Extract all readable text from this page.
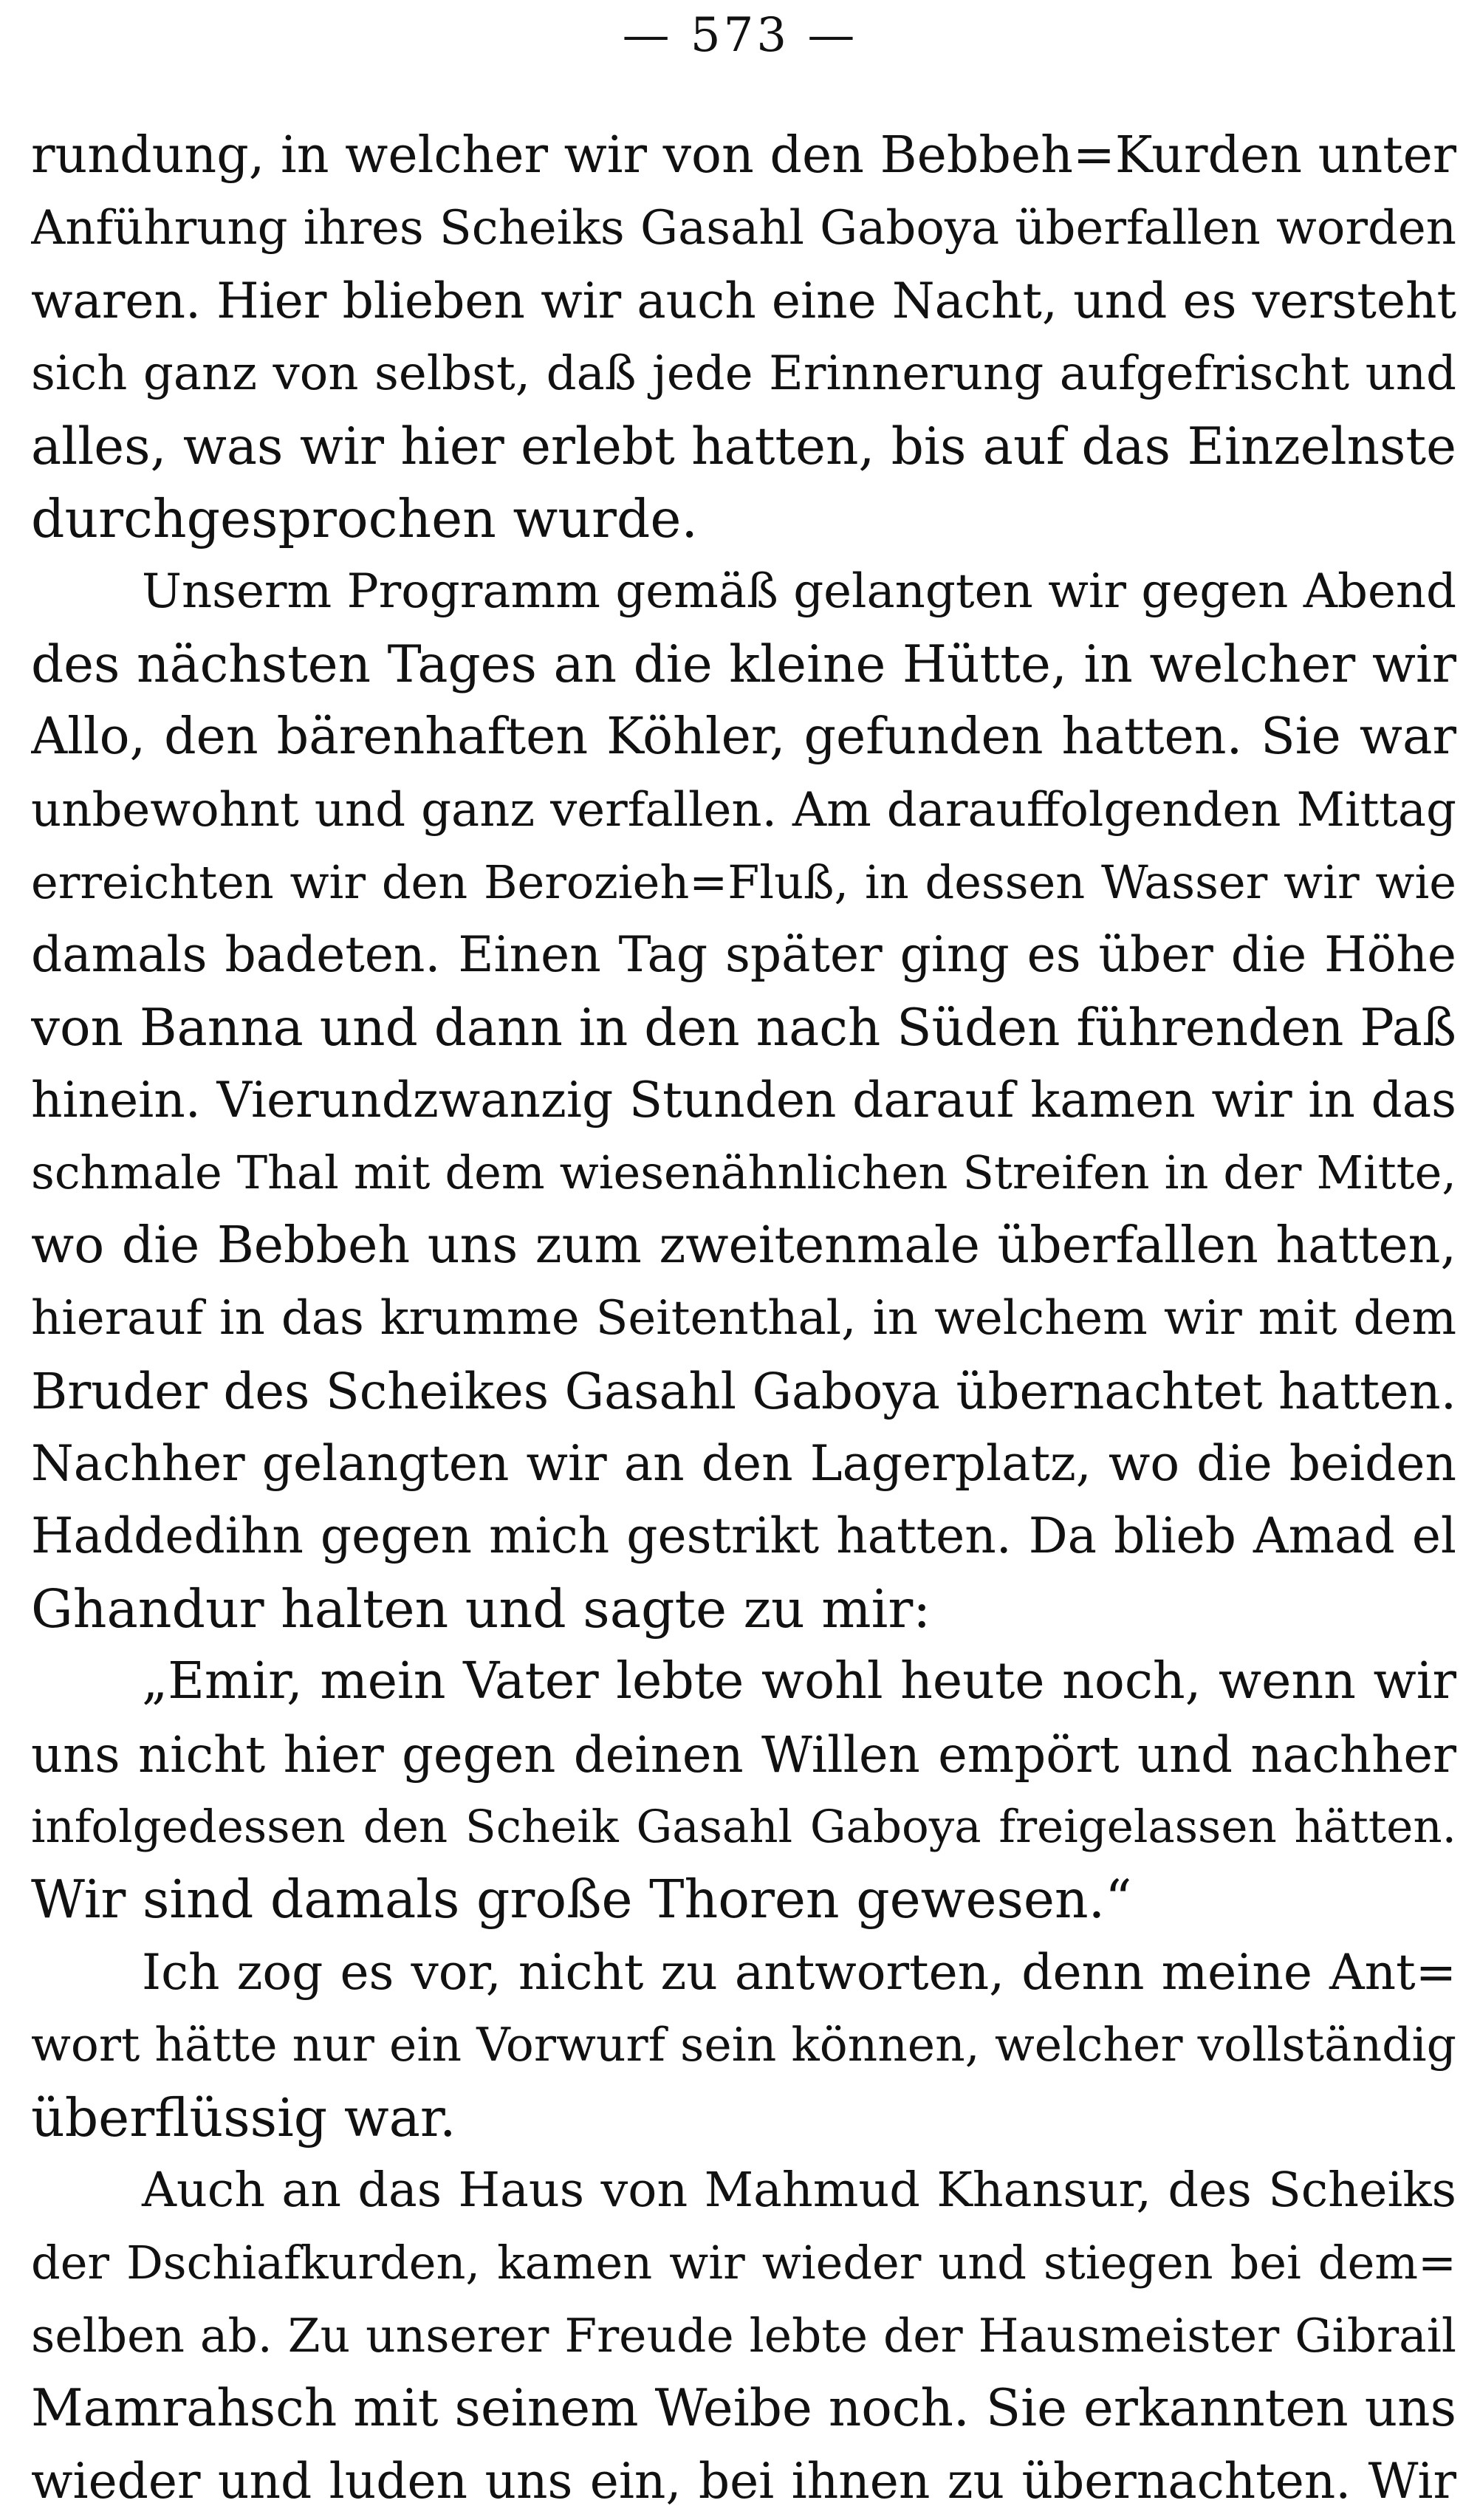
— 573 —
rundung, in welcher wir von den Bebbeh=Kurden unter
Anführung ihres Scheiks Gasahl Gaboya überfallen worden
waren. Hier blieben wir auch eine Nacht, und es versteht
sich ganz von selbst, daß jede Erinnerung aufgefrischt und
alles, was wir hier erlebt hatten, bis auf das Einzelnste
durchgesprochen wurde.
Unserm Programm gemäß gelangten wir gegen Abend
des nächsten Tages an die kleine Hütte, in welcher wir
Allo, den bärenhaften Köhler, gefunden hatten. Sie war
unbewohnt und ganz verfallen. Am darauffolgenden Mittag
erreichten wir den Berozieh=Fluß, in dessen Wasser wir wie
damals badeten. Einen Tag später ging es über die Höhe
von Banna und dann in den nach Süden führenden Paß
hinein. Vierundzwanzig Stunden darauf kamen wir in das
schmale Thal mit dem wiesenähnlichen Streifen in der Mitte,
wo die Bebbeh uns zum zweitenmale überfallen hatten,
hierauf in das krumme Seitenthal, in welchem wir mit dem
Bruder des Scheikes Gasahl Gaboya übernachtet hatten.
Nachher gelangten wir an den Lagerplatz, wo die beiden
Haddedihn gegen mich gestrikt hatten. Da blieb Amad el
Ghandur halten und sagte zu mir:
„Emir, mein Vater lebte wohl heute noch, wenn wir
uns nicht hier gegen deinen Willen empört und nachher
infolgedessen den Scheik Gasahl Gaboya freigelassen hätten.
Wir sind damals große Thoren gewesen.“
Ich zog es vor, nicht zu antworten, denn meine Ant=
wort hätte nur ein Vorwurf sein können, welcher vollständig
überflüssig war.
Auch an das Haus von Mahmud Khansur, des Scheiks
der Dschiafkurden, kamen wir wieder und stiegen bei dem=
selben ab. Zu unserer Freude lebte der Hausmeister Gibrail
Mamrahsch mit seinem Weibe noch. Sie erkannten uns
wieder und luden uns ein, bei ihnen zu übernachten. Wir
